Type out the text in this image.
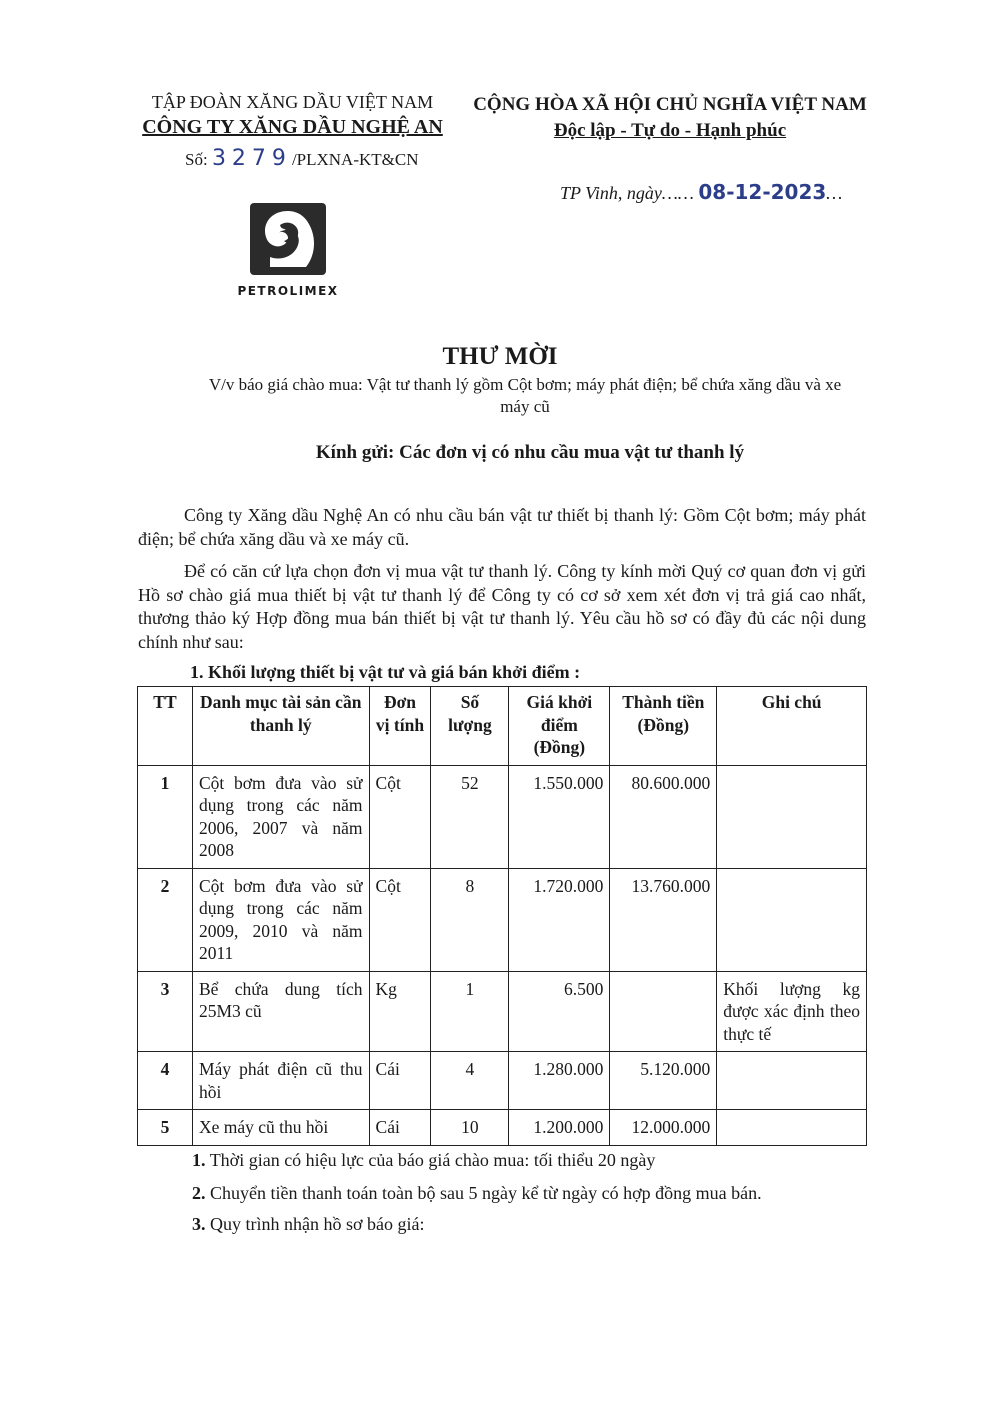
TẬP ĐOÀN XĂNG DẦU VIỆT NAM
CÔNG TY XĂNG DẦU NGHỆ AN
Số: 3279/PLXNA-KT&CN
CỘNG HÒA XÃ HỘI CHỦ NGHĨA VIỆT NAM
Độc lập - Tự do - Hạnh phúc
TP Vinh, ngày…… 08-12-2023…
PETROLIMEX
THƯ MỜI
V/v báo giá chào mua: Vật tư thanh lý gồm Cột bơm; máy phát điện; bể chứa xăng dầu và xe máy cũ
Kính gửi: Các đơn vị có nhu cầu mua vật tư thanh lý

Công ty Xăng dầu Nghệ An có nhu cầu bán vật tư thiết bị thanh lý: Gồm Cột bơm; máy phát điện; bể chứa xăng dầu và xe máy cũ.

Để có căn cứ lựa chọn đơn vị mua vật tư thanh lý. Công ty kính mời Quý cơ quan đơn vị gửi Hồ sơ chào giá mua thiết bị vật tư thanh lý để Công ty có cơ sở xem xét đơn vị trả giá cao nhất, thương thảo ký Hợp đồng mua bán thiết bị vật tư thanh lý. Yêu cầu hồ sơ có đầy đủ các nội dung chính như sau:

1. Khối lượng thiết bị vật tư và giá bán khởi điểm :
TT	Danh mục tài sản cần thanh lý	Đơn vị tính	Số lượng	Giá khởi điểm (Đồng)	Thành tiền (Đồng)	Ghi chú
1	Cột bơm đưa vào sử dụng trong các năm 2006, 2007 và năm 2008	Cột	52	1.550.000	80.600.000	
2	Cột bơm đưa vào sử dụng trong các năm 2009, 2010 và năm 2011	Cột	8	1.720.000	13.760.000	
3	Bể chứa dung tích 25M3 cũ	Kg	1	6.500		Khối lượng kg được xác định theo thực tế
4	Máy phát điện cũ thu hồi	Cái	4	1.280.000	5.120.000	
5	Xe máy cũ thu hồi	Cái	10	1.200.000	12.000.000	
1. Thời gian có hiệu lực của báo giá chào mua: tối thiểu 20 ngày
2. Chuyển tiền thanh toán toàn bộ sau 5 ngày kể từ ngày có hợp đồng mua bán.
3. Quy trình nhận hồ sơ báo giá:
